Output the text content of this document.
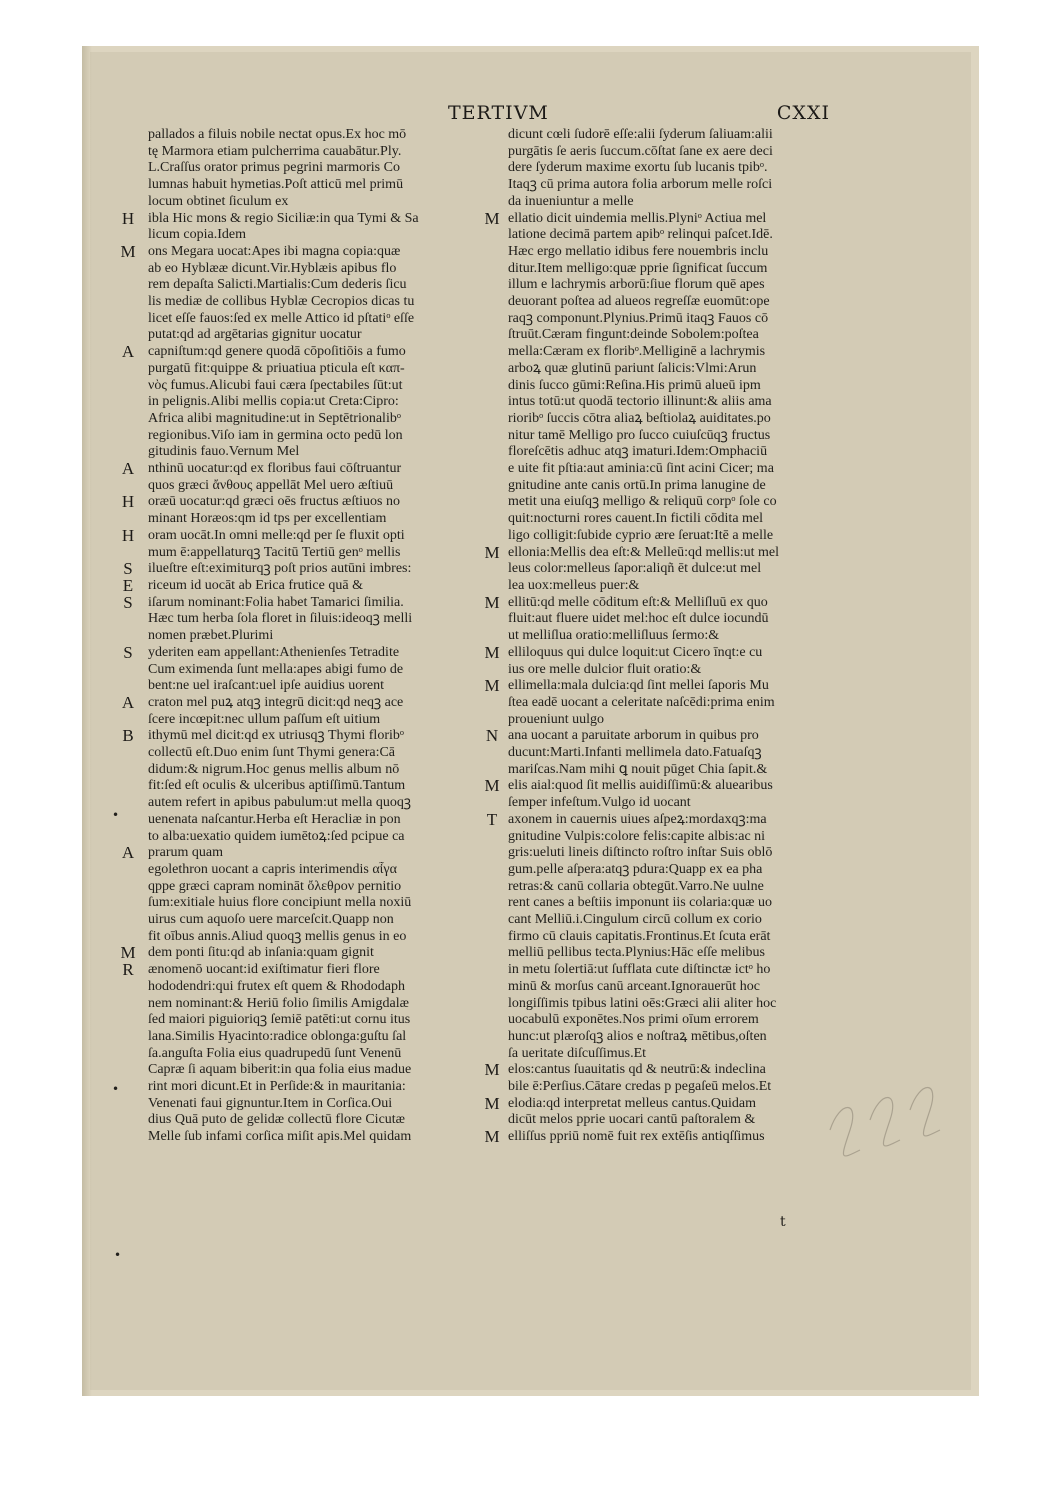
TERTIVM	CXXI
pallados a filuis nobile nectat opus.Ex hoc mō
tę Marmora etiam pulcherrima cauabātur.Ply.
L.Craſſus orator primus pegrini marmoris Co
lumnas habuit hymetias.Poſt atticū mel primū
locum obtinet ſiculum ex
ibla Hic mons & regio Siciliæ:in qua Tymi & Sa
licum copia.Idem
ons Megara uocat:Apes ibi magna copia:quæ
ab eo Hyblææ dicunt.Vir.Hyblæis apibus flo
rem depaſta Salicti.Martialis:Cum dederis ſicu
lis mediæ de collibus Hyblæ Cecropios dicas tu
licet eſſe fauos:ſed ex melle Attico id pſtatiᵒ eſſe
putat:qd ad argētarias gignitur uocatur
capniſtum:qd genere quodā cōpoſitiōis a fumo
purgatū fit:quippe & priuatiua pticula eſt καπ-
νὸς fumus.Alicubi faui cæra ſpectabiles ſūt:ut
in pelignis.Alibi mellis copia:ut Creta:Cipro:
Africa alibi magnitudine:ut in Septētrionalibᵒ
regionibus.Viſo iam in germina octo pedū lon
gitudinis fauo.Vernum Mel
nthinū uocatur:qd ex floribus faui cōſtruantur
quos græci ἄνθους appellāt Mel uero æſtiuū
oræū uocatur:qd græci oēs fructus æſtiuos no
minant Horæos:qm id tps per excellentiam
oram uocāt.In omni melle:qd per ſe fluxit opti
mum ē:appellaturqꝫ Tacitū Tertiū genᵒ mellis
ilueſtre eſt:eximiturqꝫ poſt prios autūni imbres:
riceum id uocāt ab Erica frutice quā &
iſarum nominant:Folia habet Tamarici ſimilia.
Hæc tum herba ſola floret in ſiluis:ideoqꝫ melli
nomen præbet.Plurimi
yderiten eam appellant:Athenienſes Tetradite
Cum eximenda ſunt mella:apes abigi fumo de
bent:ne uel iraſcant:uel ipſe auidius uorent
craton mel puꝝ atqꝫ integrū dicit:qd neqꝫ ace
ſcere incœpit:nec ullum paſſum eſt uitium
ithymū mel dicit:qd ex utriusqꝫ Thymi floribᵒ
collectū eſt.Duo enim ſunt Thymi genera:Cā
didum:& nigrum.Hoc genus mellis album nō
fit:ſed eſt oculis & ulceribus aptiſſimū.Tantum
autem refert in apibus pabulum:ut mella quoqꝫ
uenenata naſcantur.Herba eſt Heracliæ in pon
to alba:uexatio quidem iumētoꝝ:ſed pcipue ca
prarum quam
egolethron uocant a capris interimendis αἶγα
qppe græci capram nomināt ὄλεθρον pernitio
ſum:exitiale huius flore concipiunt mella noxiū
uirus cum aquoſo uere marceſcit.Quapp non
fit oībus annis.Aliud quoqꝫ mellis genus in eo
dem ponti ſitu:qd ab inſania:quam gignit
ænomenō uocant:id exiſtimatur fieri flore
hododendri:qui frutex eſt quem & Rhododaph
nem nominant:& Heriū folio ſimilis Amigdalæ
ſed maiori piguioriqꝫ ſemiē patēti:ut cornu itus
lana.Similis Hyacinto:radice oblonga:guſtu ſal
ſa.anguſta Folia eius quadrupedū ſunt Venenū
Capræ ſi aquam biberit:in qua folia eius madue
rint mori dicunt.Et in Perſide:& in mauritania:
Venenati faui gignuntur.Item in Corſica.Oui
dius Quā puto de gelidæ collectū flore Cicutæ
Melle ſub infami corſica miſit apis.Mel quidam
dicunt cœli ſudorē eſſe:alii ſyderum ſaliuam:alii
purgātis ſe aeris ſuccum.cōſtat ſane ex aere deci
dere ſyderum maxime exortu ſub lucanis tpibᵒ.
Itaqꝫ cū prima autora folia arborum melle roſci
da inueniuntur a melle
ellatio dicit uindemia mellis.Plyniᵒ Actiua mel
latione decimā partem apibᵒ relinqui paſcet.Idē.
Hæc ergo mellatio idibus fere nouembris inclu
ditur.Item melligo:quæ pprie ſignificat ſuccum
illum e lachrymis arborū:ſiue florum quē apes
deuorant poſtea ad alueos regreſſæ euomūt:ope
raqꝫ componunt.Plynius.Primū itaqꝫ Fauos cō
ſtruūt.Cæram fingunt:deinde Sobolem:poſtea
mella:Cæram ex floribᵒ.Melliginē a lachrymis
arboꝝ quæ glutinū pariunt ſalicis:Vlmi:Arun
dinis ſucco gūmi:Reſina.His primū alueū ipm
intus totū:ut quodā tectorio illinunt:& aliis ama
rioribᵒ ſuccis cōtra aliaꝝ beſtiolaꝝ auiditates.po
nitur tamē Melligo pro ſucco cuiuſcūqꝫ fructus
floreſcētis adhuc atqꝫ imaturi.Idem:Omphaciū
e uite fit pſtia:aut aminia:cū ſint acini Cicer; ma
gnitudine ante canis ortū.In prima lanugine de
metit una eiuſqꝫ melligo & reliquū corpᵒ ſole co
quit:nocturni rores cauent.In fictili cōdita mel
ligo colligit:ſubide cyprio ære ſeruat:Itē a melle
ellonia:Mellis dea eſt:& Melleū:qd mellis:ut mel
leus color:melleus ſapor:aliqñ ēt dulce:ut mel
lea uox:melleus puer:&
ellitū:qd melle cōditum eſt:& Melliſluū ex quo
fluit:aut fluere uidet mel:hoc eſt dulce iocundū
ut melliſlua oratio:melliſluus ſermo:&
elliloquus qui dulce loquit:ut Cicero īnqt:e cu
ius ore melle dulcior fluit oratio:&
ellimella:mala dulcia:qd ſint mellei ſaporis Mu
ſtea eadē uocant a celeritate naſcēdi:prima enim
proueniunt uulgo
ana uocant a paruitate arborum in quibus pro
ducunt:Marti.Infanti mellimela dato.Fatuaſqꝫ
mariſcas.Nam mihi ꝗ nouit pūget Chia ſapit.&
elis aial:quod ſit mellis auidiſſimū:& aluearibus
ſemper infeſtum.Vulgo id uocant
axonem in cauernis uiues aſpeꝝ:mordaxqꝫ:ma
gnitudine Vulpis:colore felis:capite albis:ac ni
gris:ueluti lineis diſtincto roſtro inſtar Suis oblō
gum.pelle aſpera:atqꝫ pdura:Quapp ex ea pha
retras:& canū collaria obtegūt.Varro.Ne uulne
rent canes a beſtiis imponunt iis colaria:quæ uo
cant Melliū.i.Cingulum circū collum ex corio
firmo cū clauis capitatis.Frontinus.Et ſcuta erāt
melliū pellibus tecta.Plynius:Hāc eſſe melibus
in metu ſolertiā:ut ſufflata cute diſtinctæ ictᵒ ho
minū & morſus canū arceant.Ignorauerūt hoc
longiſſimis tpibus latini oēs:Græci alii aliter hoc
uocabulū exponētes.Nos primi oīum errorem
hunc:ut plæroſqꝫ alios e noſtraꝝ mētibus,oſten
ſa ueritate diſcuſſimus.Et
elos:cantus ſuauitatis qd & neutrū:& indeclina
bile ē:Perſius.Cātare credas p pegaſeū melos.Et
elodia:qd interpretat melleus cantus.Quidam
dicūt melos pprie uocari cantū paſtoralem &
elliſſus ppriū nomē fuit rex extēſis antiqſſimus
H
M
A
A
H
H
S
E
S
S
A
B
A
M
R
M
M
M
M
M
N
M
T
M
M
M
•
•
•
t
